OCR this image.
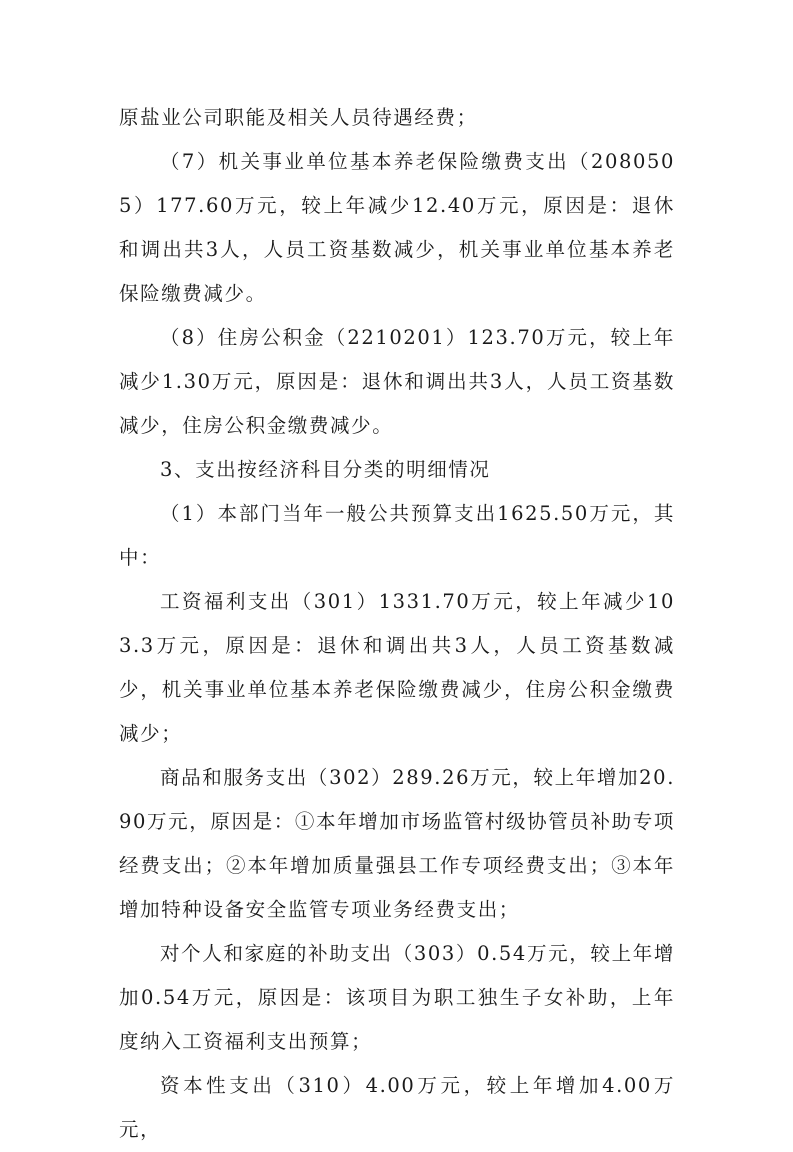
原盐业公司职能及相关人员待遇经费；

（7）机关事业单位基本养老保险缴费支出（2080505）177.60万元，较上年减少12.40万元，原因是：退休和调出共3人，人员工资基数减少，机关事业单位基本养老保险缴费减少。

（8）住房公积金（2210201）123.70万元，较上年减少1.30万元，原因是：退休和调出共3人，人员工资基数减少，住房公积金缴费减少。

3、支出按经济科目分类的明细情况

（1）本部门当年一般公共预算支出1625.50万元，其中：

工资福利支出（301）1331.70万元，较上年减少103.3万元，原因是：退休和调出共3人，人员工资基数减少，机关事业单位基本养老保险缴费减少，住房公积金缴费减少；

商品和服务支出（302）289.26万元，较上年增加20.90万元，原因是：①本年增加市场监管村级协管员补助专项经费支出；②本年增加质量强县工作专项经费支出；③本年增加特种设备安全监管专项业务经费支出；

对个人和家庭的补助支出（303）0.54万元，较上年增加0.54万元，原因是：该项目为职工独生子女补助，上年度纳入工资福利支出预算；

资本性支出（310）4.00万元，较上年增加4.00万元，
